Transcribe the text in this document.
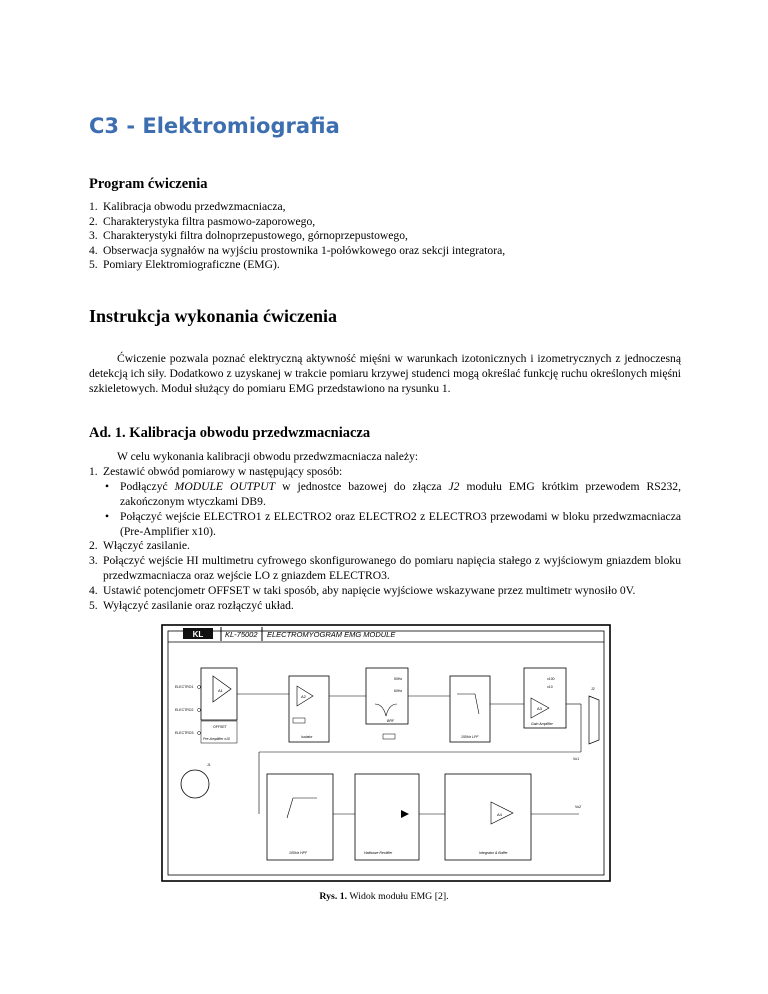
C3 - Elektromiografia
Program ćwiczenia
1. Kalibracja obwodu przedwzmacniacza,
2. Charakterystyka filtra pasmowo-zaporowego,
3. Charakterystyki filtra dolnoprzepustowego, górnoprzepustowego,
4. Obserwacja sygnałów na wyjściu prostownika 1-połówkowego oraz sekcji integratora,
5. Pomiary Elektromiograficzne (EMG).
Instrukcja wykonania ćwiczenia
Ćwiczenie pozwala poznać elektryczną aktywność mięśni w warunkach izotonicznych i izometrycznych z jednoczesną detekcją ich siły. Dodatkowo z uzyskanej w trakcie pomiaru krzywej studenci mogą określać funkcję ruchu określonych mięśni szkieletowych. Moduł służący do pomiaru EMG przedstawiono na rysunku 1.
Ad. 1. Kalibracja obwodu przedwzmacniacza
W celu wykonania kalibracji obwodu przedwzmacniacza należy:
1. Zestawić obwód pomiarowy w następujący sposób:
• Podłączyć MODULE OUTPUT w jednostce bazowej do złącza J2 modułu EMG krótkim przewodem RS232, zakończonym wtyczkami DB9.
• Połączyć wejście ELECTRO1 z ELECTRO2 oraz ELECTRO2 z ELECTRO3 przewodami w bloku przedwzmacniacza (Pre-Amplifier x10).
2. Włączyć zasilanie.
3. Połączyć wejście HI multimetru cyfrowego skonfigurowanego do pomiaru napięcia stałego z wyjściowym gniazdem bloku przedwzmacniacza oraz wejście LO z gniazdem ELECTRO3.
4. Ustawić potencjometr OFFSET w taki sposób, aby napięcie wyjściowe wskazywane przez multimetr wynosiło 0V.
5. Wyłączyć zasilanie oraz rozłączyć układ.
KL	KL-75002 ELECTROMYOGRAM EMG MODULE
A1
ELECTRO1
ELECTRO2
ELECTRO3
OFFSET
Pre-Amplifier x10
A2
Isolator
50Hz
60Hz
BRF
150Hz LPF
x100
x10
A3
Gain Amplifier
J1
J2
Vo1
100Hz HPF	Halfwave Rectifier
A4
Integrator & Buffer
Vo2
Rys. 1. Widok modułu EMG [2].
